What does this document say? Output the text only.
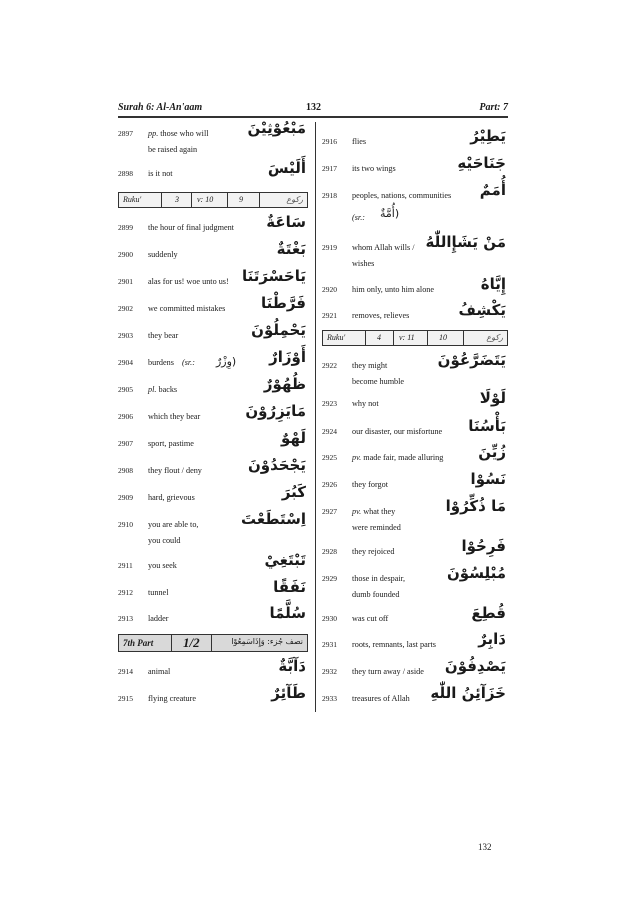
Surah 6: Al-An'aam	132	Part: 7
2897	pp. those who will
be raised again
مَبْعُوْثِيْنَ
2898	is it not	أَلَيْسَ
Ruku'	3 v: 10	9	رکوع
2899	the hour of final judgment سَاعَةٌ
2900	suddenly	بَغْتَةٌ
2901	alas for us! woe unto us! يَاحَسْرَتَنَا
2902	we committed mistakes فَرَّطْنَا
2903	they bear	يَحْمِلُوْنَ
2904	burdens (sr.: (وِزْرٌ أَوْزَارٌ
2905	pl. backs	ظُهُوْرٌ
2906	which they bear	مَايَزِرُوْنَ
2907	sport, pastime	لَهْوٌ
2908	they flout / deny	يَجْحَدُوْنَ
2909	hard, grievous	كَبُرَ
2910	you are able to,
you could
اِسْتَطَعْتَ
2911	you seek	تَبْتَغِيْ
2912	tunnel	نَفَقًا
2913	ladder	سُلَّمًا
7th Part 1/2	نصف جُزء: وَإِذَاسَمِعُوْا
2914	animal	دَآبَّةٌ
2915	flying creature	طَآئِرٌ
2916	flies	يَطِيْرُ
2917	its two wings	جَنَاحَيْهِ
2918	peoples, nations, communities
(sr.: (أُمَّةٌ
أُمَمٌ
2919	whom Allah wills /
wishes
مَنْ يَشَإِاللّٰهُ
2920	him only, unto him alone	إِيَّاهُ
2921	removes, relieves	يَكْشِفُ
Ruku'	4 v: 11	10	رکوع
2922	they might
become humble
يَتَضَرَّعُوْنَ
2923	why not	لَوْلَا
2924	our disaster, our misfortune بَأْسُنَا
2925	pv. made fair, made alluring زُيِّنَ
2926	they forgot	نَسُوْا
2927	pv. what they
were reminded
مَا ذُكِّرُوْا
2928	they rejoiced	فَرِحُوْا
2929	those in despair,
dumb founded
مُبْلِسُوْنَ
2930	was cut off	قُطِعَ
2931	roots, remnants, last parts	دَابِرٌ
2932	they turn away / aside يَصْدِفُوْنَ
2933	treasures of Allah خَزَآئِنُ اللّٰهِ
132
